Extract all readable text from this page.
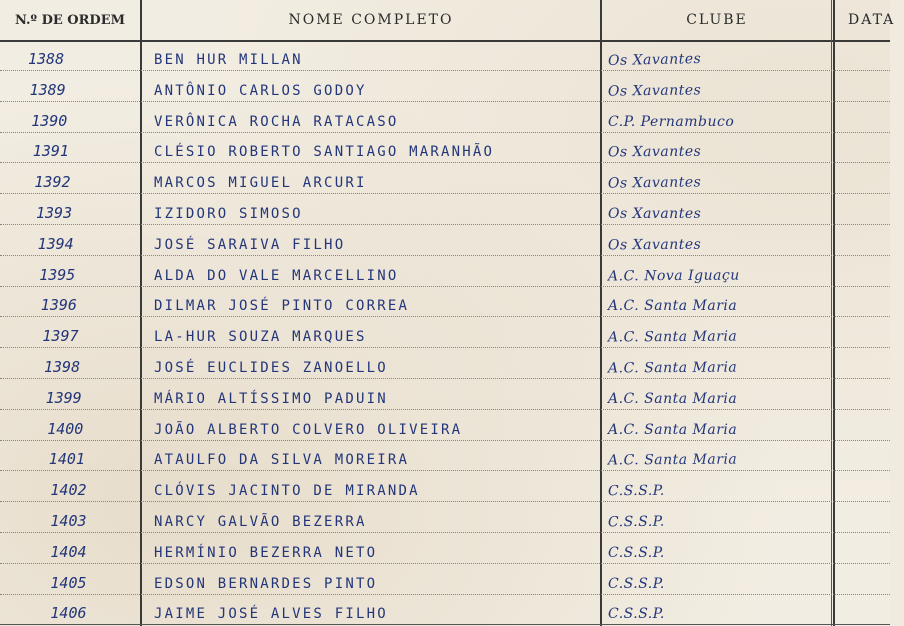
N.º DE ORDEM	NOME COMPLETO	CLUBE	DATA
1388	BEN HUR MILLAN	Os Xavantes
1389	ANTÔNIO CARLOS GODOY	Os Xavantes
1390	VERÔNICA ROCHA RATACASO	C.P. Pernambuco
1391	CLÉSIO ROBERTO SANTIAGO MARANHÃO	Os Xavantes
1392	MARCOS MIGUEL ARCURI	Os Xavantes
1393	IZIDORO SIMOSO	Os Xavantes
1394	JOSÉ SARAIVA FILHO	Os Xavantes
1395	ALDA DO VALE MARCELLINO	A.C. Nova Iguaçu
1396	DILMAR JOSÉ PINTO CORREA	A.C. Santa Maria
1397	LA-HUR SOUZA MARQUES	A.C. Santa Maria
1398	JOSÉ EUCLIDES ZANOELLO	A.C. Santa Maria
1399	MÁRIO ALTÍSSIMO PADUIN	A.C. Santa Maria
1400	JOÃO ALBERTO COLVERO OLIVEIRA	A.C. Santa Maria
1401	ATAULFO DA SILVA MOREIRA	A.C. Santa Maria
1402	CLÓVIS JACINTO DE MIRANDA	C.S.S.P.
1403	NARCY GALVÃO BEZERRA	C.S.S.P.
1404	HERMÍNIO BEZERRA NETO	C.S.S.P.
1405	EDSON BERNARDES PINTO	C.S.S.P.
1406	JAIME JOSÉ ALVES FILHO	C.S.S.P.
